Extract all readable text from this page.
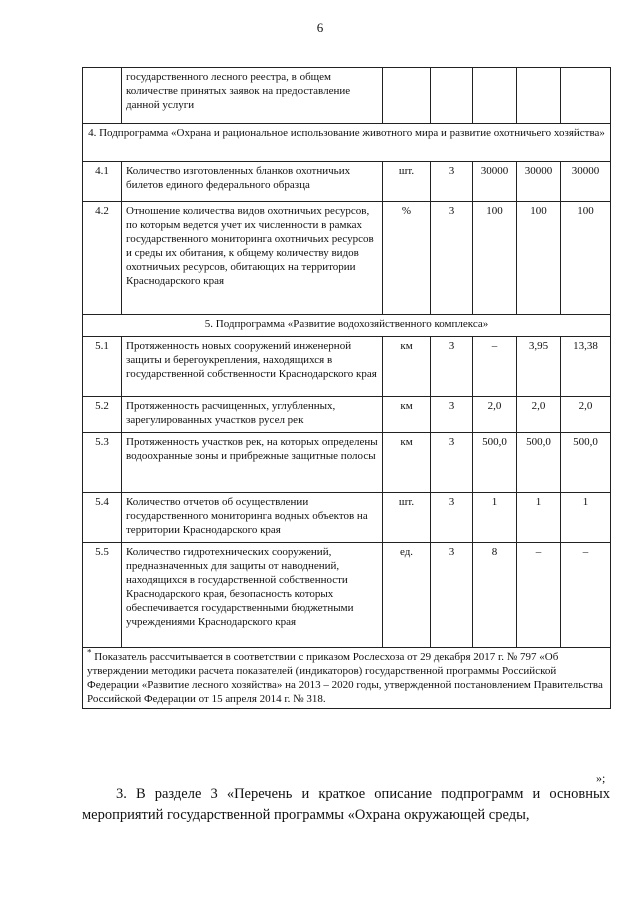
6
	государственного лесного реестра, в общем количестве принятых заявок на предоставление данной услуги					
4. Подпрограмма «Охрана и рациональное использование животного мира и развитие охотничьего хозяйства»						
4.1	Количество изготовленных бланков охотничьих билетов единого федерального образца	шт.	3	30000	30000	30000
4.2	Отношение количества видов охотничьих ресурсов, по которым ведется учет их численности в рамках государственного мониторинга охотничьих ресурсов и среды их обитания, к общему количеству видов охотничьих ресурсов, обитающих на территории Краснодарского края	%	3	100	100	100
5. Подпрограмма «Развитие водохозяйственного комплекса»						
5.1	Протяженность новых сооружений инженерной защиты и берегоукрепления, находящихся в государственной собственности Краснодарского края	км	3	–	3,95	13,38
5.2	Протяженность расчищенных, углубленных, зарегулированных участков русел рек	км	3	2,0	2,0	2,0
5.3	Протяженность участков рек, на которых определены водоохранные зоны и прибрежные защитные полосы	км	3	500,0	500,0	500,0
5.4	Количество отчетов об осуществлении государственного мониторинга водных объектов на территории Краснодарского края	шт.	3	1	1	1
5.5	Количество гидротехнических сооружений, предназначенных для защиты от наводнений, находящихся в государственной собственности Краснодарского края, безопасность которых обеспечивается государственными бюджетными учреждениями Краснодарского края	ед.	3	8	–	–
* Показатель рассчитывается в соответствии с приказом Рослесхоза от 29 декабря 2017 г. № 797 «Об утверждении методики расчета показателей (индикаторов) государственной программы Российской Федерации «Развитие лесного хозяйства» на 2013 – 2020 годы, утвержденной постановлением Правительства Российской Федерации от 15 апреля 2014 г. № 318.						
»;
3. В разделе 3 «Перечень и краткое описание подпрограмм и основных мероприятий государственной программы «Охрана окружающей среды,
